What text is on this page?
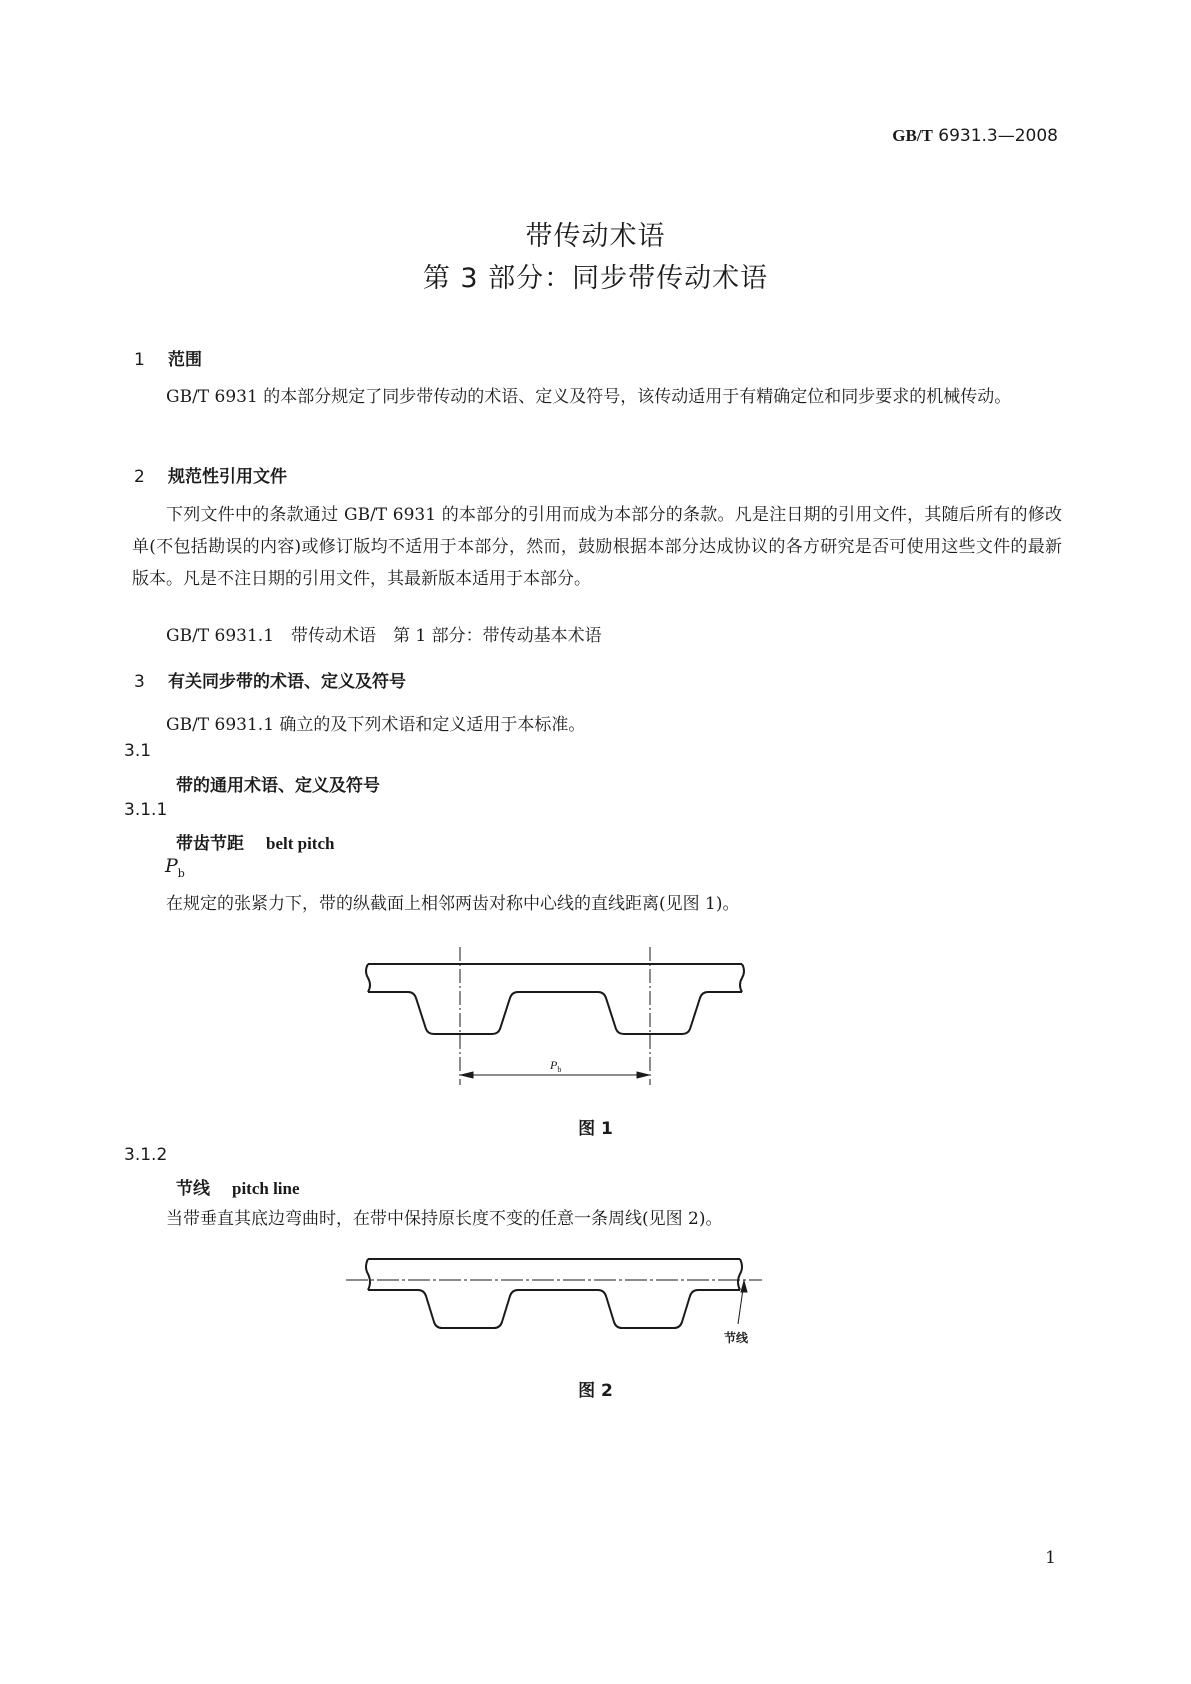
GB/T 6931.3—2008
带传动术语
第 3 部分：同步带传动术语
1 范围
GB/T 6931 的本部分规定了同步带传动的术语、定义及符号，该传动适用于有精确定位和同步要求的机械传动。
2 规范性引用文件
下列文件中的条款通过 GB/T 6931 的本部分的引用而成为本部分的条款。凡是注日期的引用文件，其随后所有的修改单(不包括勘误的内容)或修订版均不适用于本部分，然而，鼓励根据本部分达成协议的各方研究是否可使用这些文件的最新版本。凡是不注日期的引用文件，其最新版本适用于本部分。
GB/T 6931.1　带传动术语　第 1 部分：带传动基本术语
3 有关同步带的术语、定义及符号
GB/T 6931.1 确立的及下列术语和定义适用于本标准。
3.1
带的通用术语、定义及符号
3.1.1
带齿节距 belt pitch
$P_b$
在规定的张紧力下，带的纵截面上相邻两齿对称中心线的直线距离(见图 1)。
$P_b$
图 1
3.1.2
节线 pitch line
当带垂直其底边弯曲时，在带中保持原长度不变的任意一条周线(见图 2)。
节线
图 2
1
